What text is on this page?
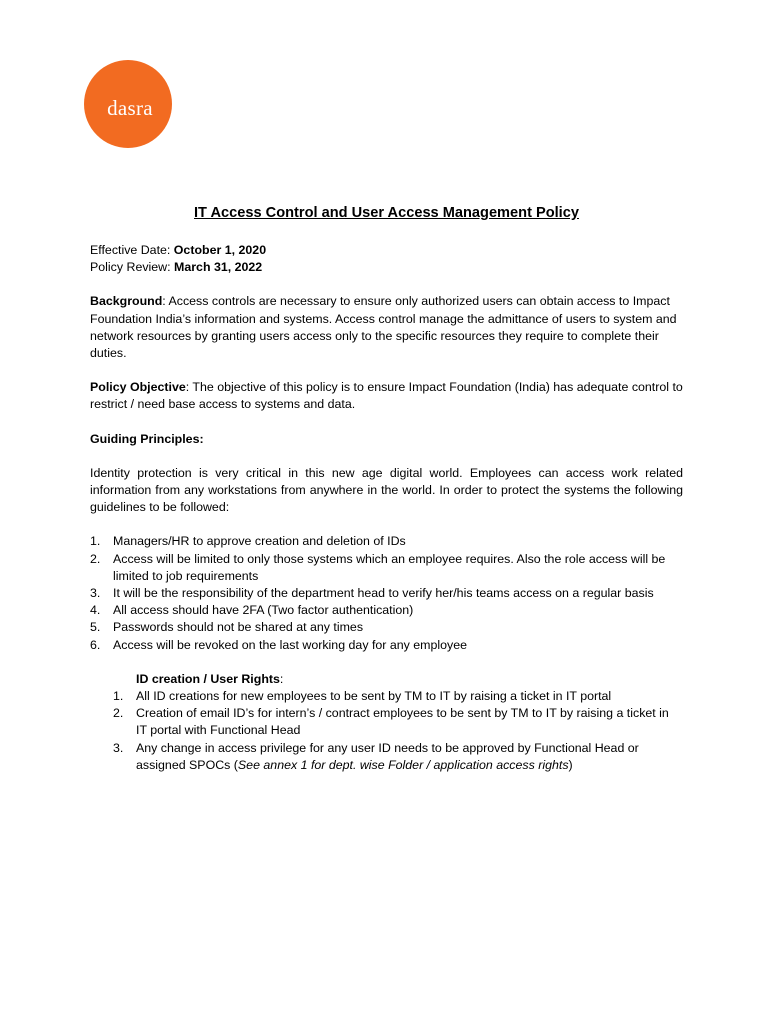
dasra
IT Access Control and User Access Management Policy
Effective Date: October 1, 2020
Policy Review: March 31, 2022
Background: Access controls are necessary to ensure only authorized users can obtain access to Impact Foundation India’s information and systems. Access control manage the admittance of users to system and network resources by granting users access only to the specific resources they require to complete their duties.
Policy Objective: The objective of this policy is to ensure Impact Foundation (India) has adequate control to restrict / need base access to systems and data.
Guiding Principles:
Identity protection is very critical in this new age digital world. Employees can access work related information from any workstations from anywhere in the world. In order to protect the systems the following guidelines to be followed:
1. Managers/HR to approve creation and deletion of IDs
2. Access will be limited to only those systems which an employee requires. Also the role access will be limited to job requirements
3. It will be the responsibility of the department head to verify her/his teams access on a regular basis
4. All access should have 2FA (Two factor authentication)
5. Passwords should not be shared at any times
6. Access will be revoked on the last working day for any employee
ID creation / User Rights:
1. All ID creations for new employees to be sent by TM to IT by raising a ticket in IT portal
2. Creation of email ID’s for intern’s / contract employees to be sent by TM to IT by raising a ticket in IT portal with Functional Head
3. Any change in access privilege for any user ID needs to be approved by Functional Head or assigned SPOCs (See annex 1 for dept. wise Folder / application access rights)
